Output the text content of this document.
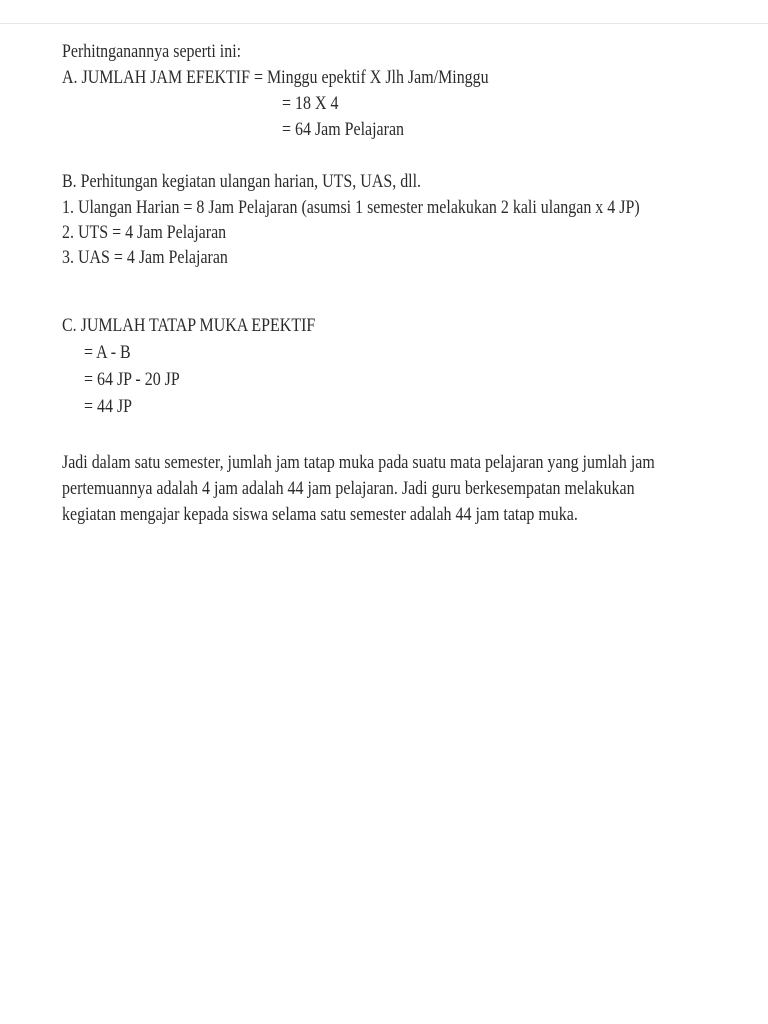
Perhitnganannya seperti ini:
A. JUMLAH JAM EFEKTIF = Minggu epektif X Jlh Jam/Minggu
= 18 X 4
= 64 Jam Pelajaran
B. Perhitungan kegiatan ulangan harian, UTS, UAS, dll.
1. Ulangan Harian = 8 Jam Pelajaran (asumsi 1 semester melakukan 2 kali ulangan x 4 JP)
2. UTS = 4 Jam Pelajaran
3. UAS = 4 Jam Pelajaran
C. JUMLAH TATAP MUKA EPEKTIF
= A - B
= 64 JP - 20 JP
= 44 JP
Jadi dalam satu semester, jumlah jam tatap muka pada suatu mata pelajaran yang jumlah jam
pertemuannya adalah 4 jam adalah 44 jam pelajaran. Jadi guru berkesempatan melakukan
kegiatan mengajar kepada siswa selama satu semester adalah 44 jam tatap muka.
